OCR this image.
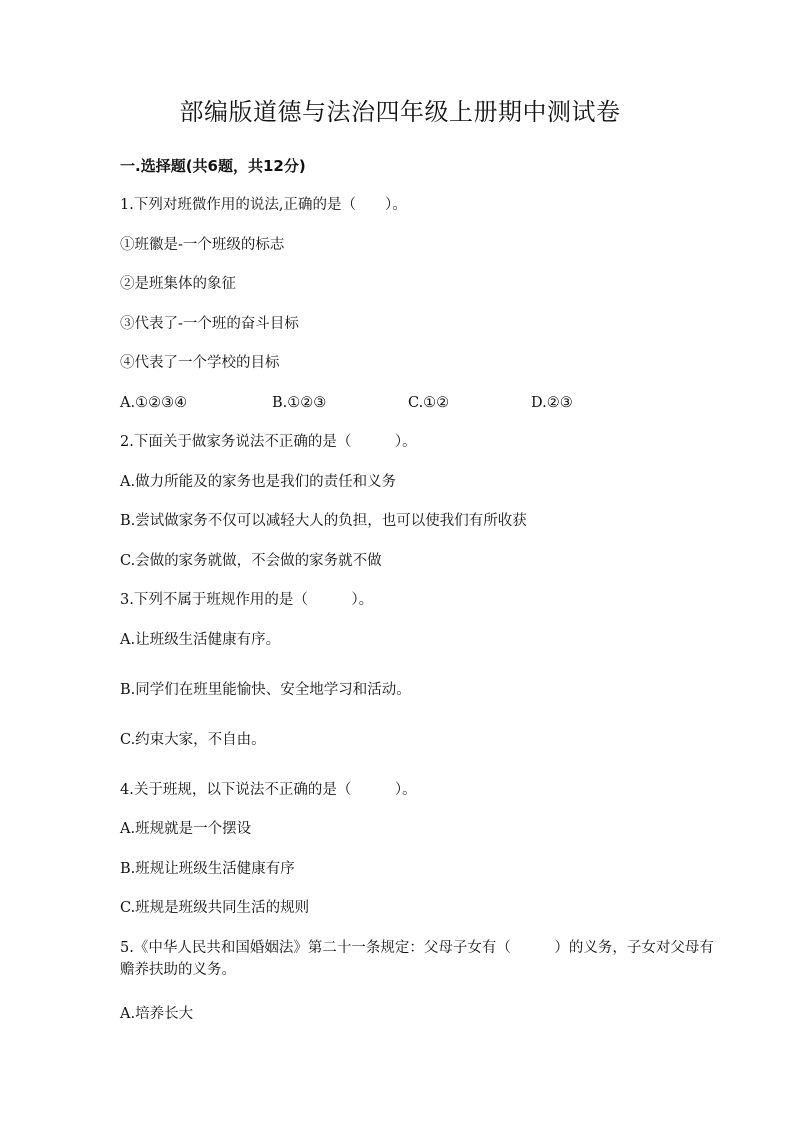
部编版道德与法治四年级上册期中测试卷
一.选择题(共6题，共12分)
1.下列对班微作用的说法,正确的是（　　）。
①班徽是-一个班级的标志
②是班集体的象征
③代表了-一个班的奋斗目标
④代表了一个学校的目标
A.①②③④	B.①②③	C.①②	D.②③
2.下面关于做家务说法不正确的是（　　　）。
A.做力所能及的家务也是我们的责任和义务
B.尝试做家务不仅可以减轻大人的负担，也可以使我们有所收获
C.会做的家务就做，不会做的家务就不做
3.下列不属于班规作用的是（　　　）。
A.让班级生活健康有序。
B.同学们在班里能愉快、安全地学习和活动。
C.约束大家，不自由。
4.关于班规，以下说法不正确的是（　　　）。
A.班规就是一个摆设
B.班规让班级生活健康有序
C.班规是班级共同生活的规则
5.《中华人民共和国婚姻法》第二十一条规定：父母子女有（　　　）的义务，子女对父母有赡养扶助的义务。
A.培养长大
